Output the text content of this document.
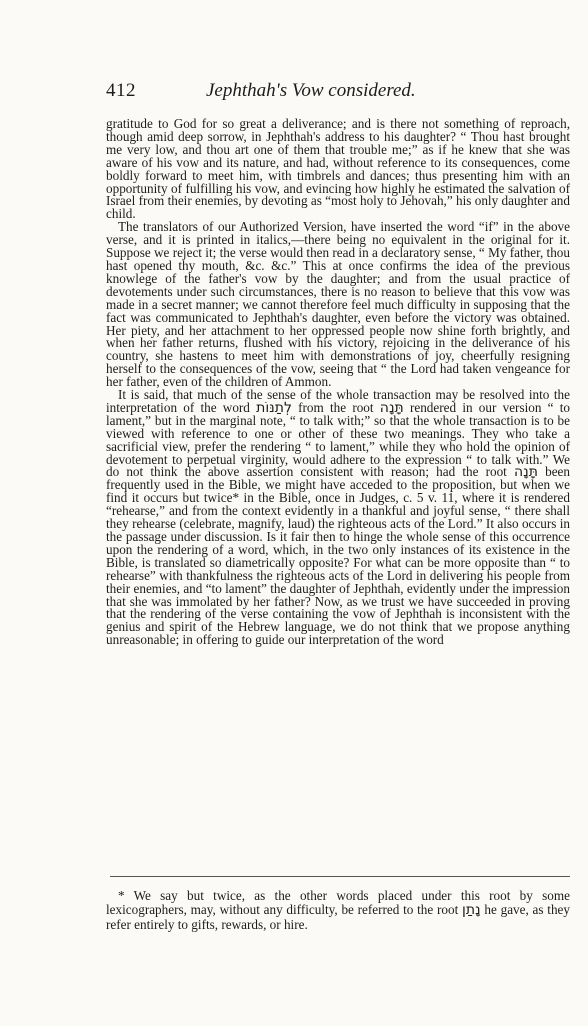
412	Jephthah's Vow considered.

gratitude to God for so great a deliverance; and is there not something of reproach, though amid deep sorrow, in Jephthah's address to his daughter? “ Thou hast brought me very low, and thou art one of them that trouble me;” as if he knew that she was aware of his vow and its nature, and had, without reference to its consequences, come boldly forward to meet him, with timbrels and dances; thus presenting him with an opportunity of fulfilling his vow, and evincing how highly he estimated the salvation of Israel from their enemies, by devoting as “most holy to Jehovah,” his only daughter and child.

The translators of our Authorized Version, have inserted the word “if” in the above verse, and it is printed in italics,—there being no equivalent in the original for it. Suppose we reject it; the verse would then read in a declaratory sense, “ My father, thou hast opened thy mouth, &c. &c.” This at once confirms the idea of the previous knowlege of the father's vow by the daughter; and from the usual practice of devotements under such circumstances, there is no reason to believe that this vow was made in a secret manner; we cannot therefore feel much difficulty in supposing that the fact was communicated to Jephthah's daughter, even before the victory was obtained. Her piety, and her attachment to her oppressed people now shine forth brightly, and when her father returns, flushed with his victory, rejoicing in the deliverance of his country, she hastens to meet him with demonstrations of joy, cheerfully resigning herself to the consequences of the vow, seeing that “ the Lord had taken vengeance for her father, even of the children of Ammon.

It is said, that much of the sense of the whole transaction may be resolved into the interpretation of the word לְתַנּוֹת from the root תָּנָה rendered in our version “ to lament,” but in the marginal note, “ to talk with;” so that the whole transaction is to be viewed with reference to one or other of these two meanings. They who take a sacrificial view, prefer the rendering “ to lament,” while they who hold the opinion of devotement to perpetual virginity, would adhere to the expression “ to talk with.” We do not think the above assertion consistent with reason; had the root תָּנָה been frequently used in the Bible, we might have acceded to the proposition, but when we find it occurs but twice* in the Bible, once in Judges, c. 5 v. 11, where it is rendered “rehearse,” and from the context evidently in a thankful and joyful sense, “ there shall they rehearse (celebrate, magnify, laud) the righteous acts of the Lord.” It also occurs in the passage under discussion. Is it fair then to hinge the whole sense of this occurrence upon the rendering of a word, which, in the two only instances of its existence in the Bible, is translated so diametrically opposite? For what can be more opposite than “ to rehearse” with thankfulness the righteous acts of the Lord in delivering his people from their enemies, and “to lament” the daughter of Jephthah, evidently under the impression that she was immolated by her father? Now, as we trust we have succeeded in proving that the rendering of the verse containing the vow of Jephthah is inconsistent with the genius and spirit of the Hebrew language, we do not think that we propose anything unreasonable; in offering to guide our interpretation of the word

* We say but twice, as the other words placed under this root by some lexicographers, may, without any difficulty, be referred to the root נָתַן he gave, as they refer entirely to gifts, rewards, or hire.
